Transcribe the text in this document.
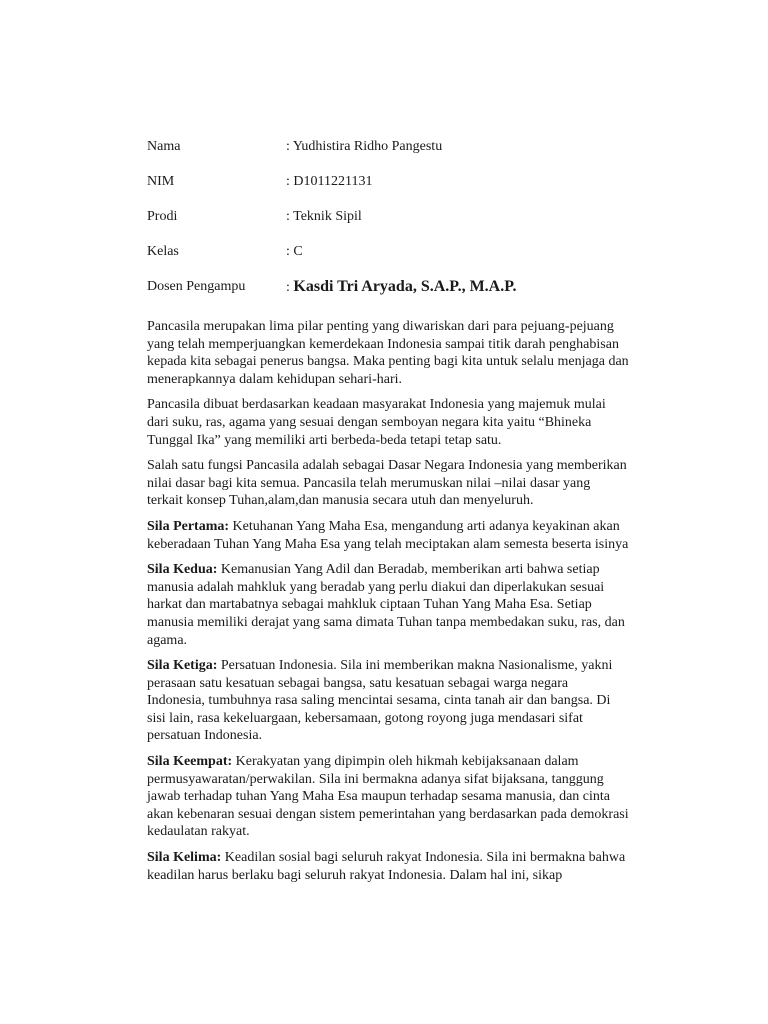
Nama	: Yudhistira Ridho Pangestu
NIM	: D1011221131
Prodi	: Teknik Sipil
Kelas	: C
Dosen Pengampu	: Kasdi Tri Aryada, S.A.P., M.A.P.

Pancasila merupakan lima pilar penting yang diwariskan dari para pejuang-pejuang yang telah memperjuangkan kemerdekaan Indonesia sampai titik darah penghabisan kepada kita sebagai penerus bangsa. Maka penting bagi kita untuk selalu menjaga dan menerapkannya dalam kehidupan sehari-hari.

Pancasila dibuat berdasarkan keadaan masyarakat Indonesia yang majemuk mulai dari suku, ras, agama yang sesuai dengan semboyan negara kita yaitu “Bhineka Tunggal Ika” yang memiliki arti berbeda-beda tetapi tetap satu.

Salah satu fungsi Pancasila adalah sebagai Dasar Negara Indonesia yang memberikan nilai dasar bagi kita semua. Pancasila telah merumuskan nilai –nilai dasar yang terkait konsep Tuhan,alam,dan manusia secara utuh dan menyeluruh.

Sila Pertama: Ketuhanan Yang Maha Esa, mengandung arti adanya keyakinan akan keberadaan Tuhan Yang Maha Esa yang telah meciptakan alam semesta beserta isinya

Sila Kedua: Kemanusian Yang Adil dan Beradab, memberikan arti bahwa setiap manusia adalah mahkluk yang beradab yang perlu diakui dan diperlakukan sesuai harkat dan martabatnya sebagai mahkluk ciptaan Tuhan Yang Maha Esa. Setiap manusia memiliki derajat yang sama dimata Tuhan tanpa membedakan suku, ras, dan agama.

Sila Ketiga: Persatuan Indonesia. Sila ini memberikan makna Nasionalisme, yakni perasaan satu kesatuan sebagai bangsa, satu kesatuan sebagai warga negara Indonesia, tumbuhnya rasa saling mencintai sesama, cinta tanah air dan bangsa. Di sisi lain, rasa kekeluargaan, kebersamaan, gotong royong juga mendasari sifat persatuan Indonesia.

Sila Keempat: Kerakyatan yang dipimpin oleh hikmah kebijaksanaan dalam permusyawaratan/perwakilan. Sila ini bermakna adanya sifat bijaksana, tanggung jawab terhadap tuhan Yang Maha Esa maupun terhadap sesama manusia, dan cinta akan kebenaran sesuai dengan sistem pemerintahan yang berdasarkan pada demokrasi kedaulatan rakyat.

Sila Kelima: Keadilan sosial bagi seluruh rakyat Indonesia. Sila ini bermakna bahwa keadilan harus berlaku bagi seluruh rakyat Indonesia. Dalam hal ini, sikap
